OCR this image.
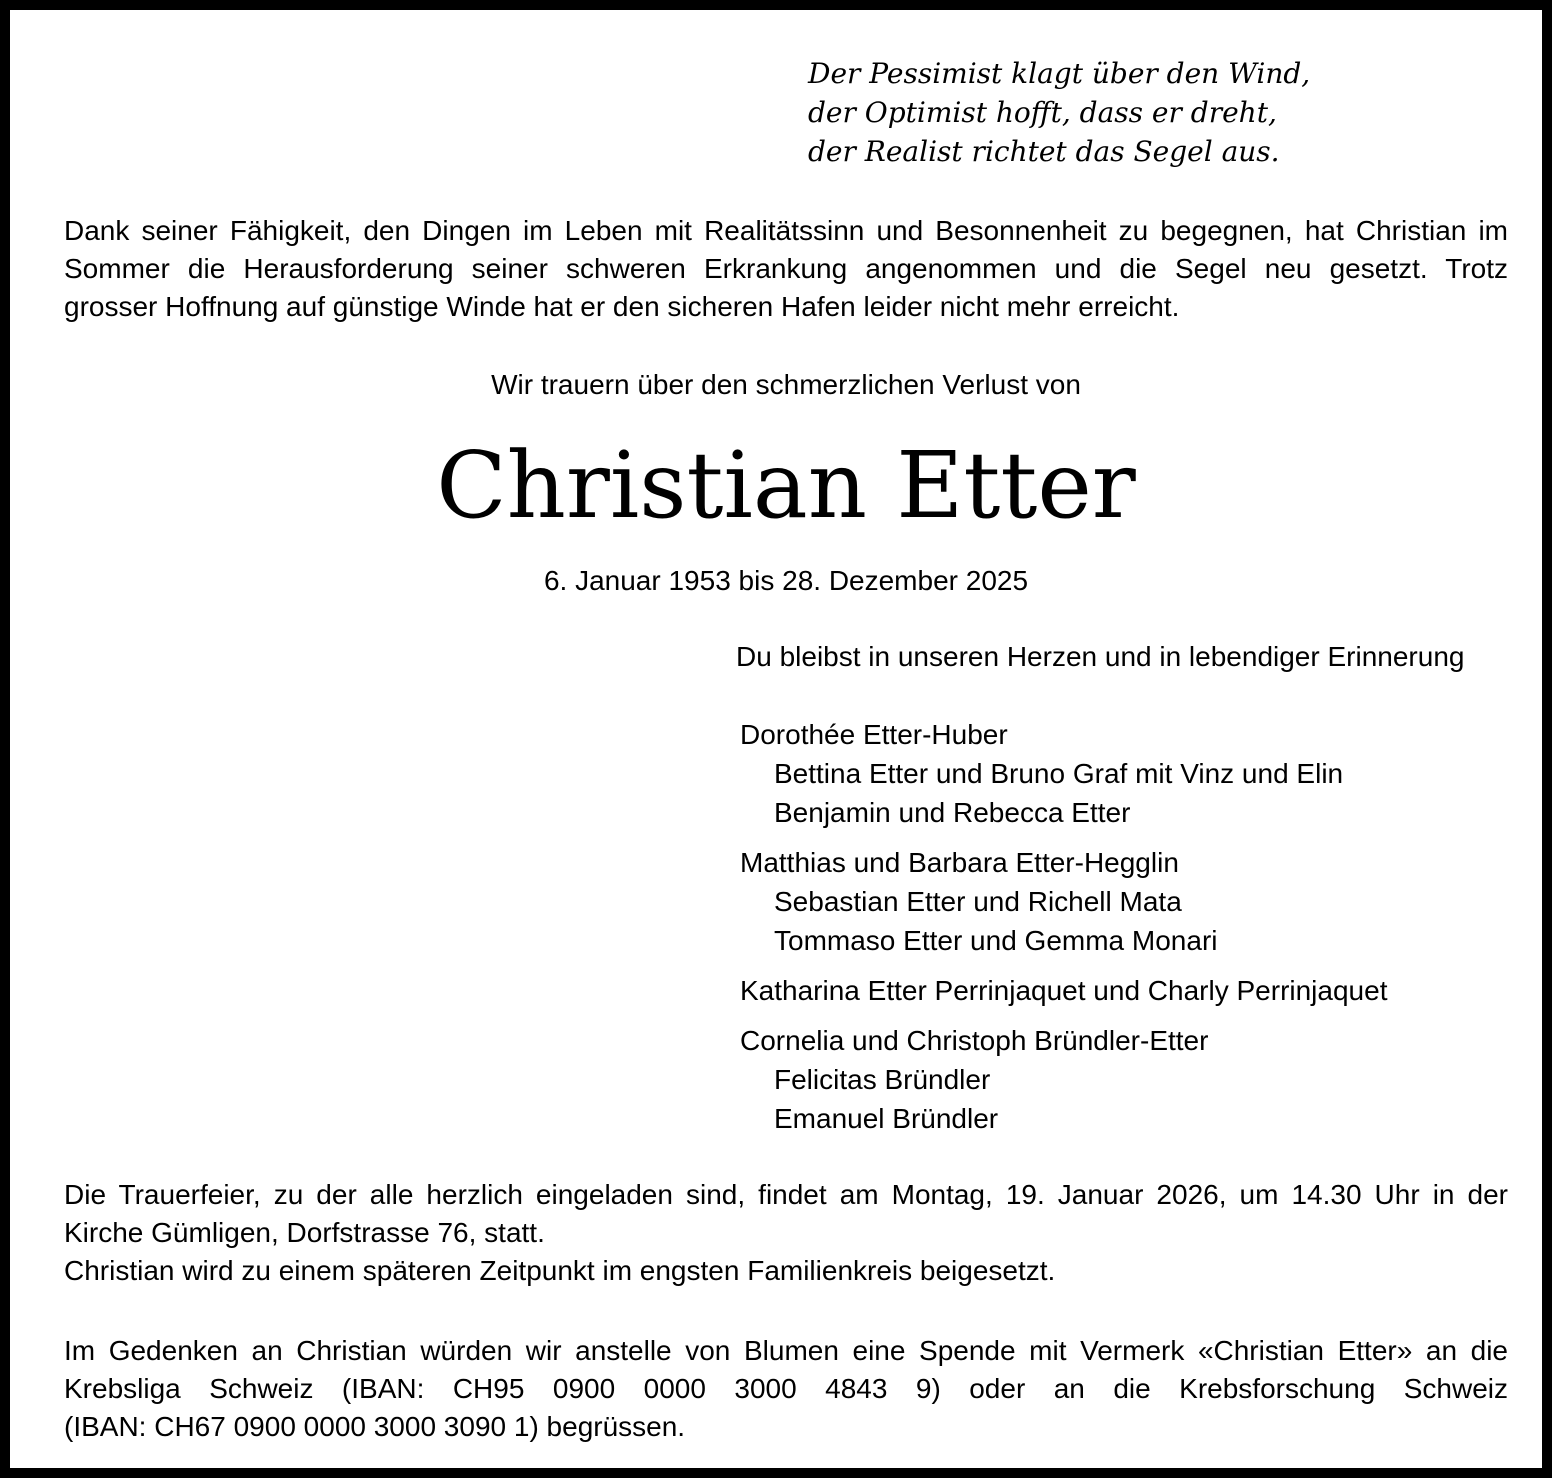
Der Pessimist klagt über den Wind,
der Optimist hofft, dass er dreht,
der Realist richtet das Segel aus.
Dank seiner Fähigkeit, den Dingen im Leben mit Realitätssinn und Besonnenheit zu begegnen, hat Christian im
Sommer die Herausforderung seiner schweren Erkrankung angenommen und die Segel neu gesetzt. Trotz
grosser Hoffnung auf günstige Winde hat er den sicheren Hafen leider nicht mehr erreicht.
Wir trauern über den schmerzlichen Verlust von
Christian Etter
6. Januar 1953 bis 28. Dezember 2025
Du bleibst in unseren Herzen und in lebendiger Erinnerung
Dorothée Etter-Huber
Bettina Etter und Bruno Graf mit Vinz und Elin
Benjamin und Rebecca Etter
Matthias und Barbara Etter-Hegglin
Sebastian Etter und Richell Mata
Tommaso Etter und Gemma Monari
Katharina Etter Perrinjaquet und Charly Perrinjaquet
Cornelia und Christoph Bründler-Etter
Felicitas Bründler
Emanuel Bründler
Die Trauerfeier, zu der alle herzlich eingeladen sind, findet am Montag, 19. Januar 2026, um 14.30 Uhr in der
Kirche Gümligen, Dorfstrasse 76, statt.
Christian wird zu einem späteren Zeitpunkt im engsten Familienkreis beigesetzt.
Im Gedenken an Christian würden wir anstelle von Blumen eine Spende mit Vermerk «Christian Etter» an die
Krebsliga Schweiz (IBAN: CH95 0900 0000 3000 4843 9) oder an die Krebsforschung Schweiz
(IBAN: CH67 0900 0000 3000 3090 1) begrüssen.
